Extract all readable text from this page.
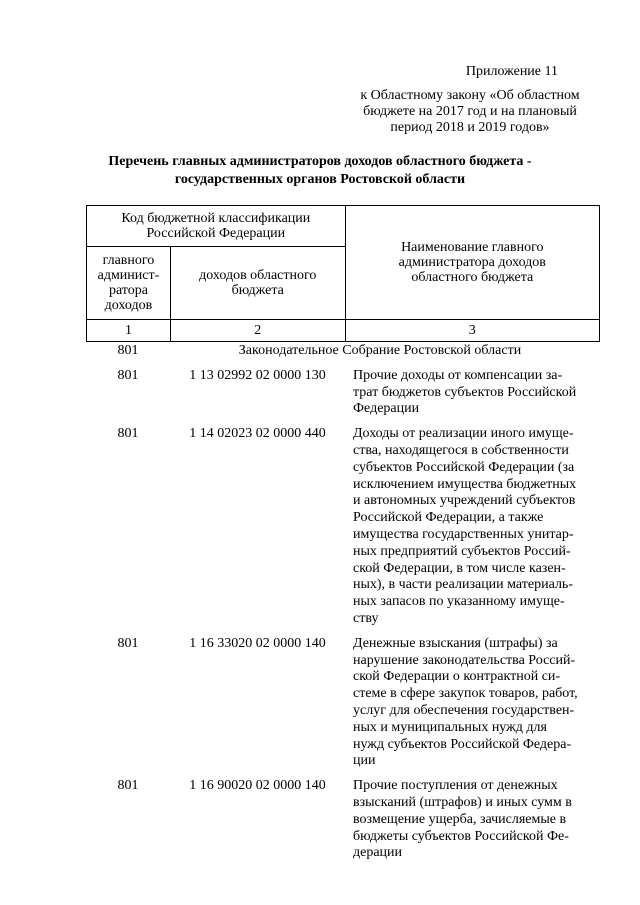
Приложение 11
к Областному закону «Об областном
бюджете на 2017 год и на плановый
период 2018 и 2019 годов»
Перечень главных администраторов доходов областного бюджета -
государственных органов Ростовской области
Код бюджетной классификации
Российской Федерации		Наименование главного
администратора доходов
областного бюджета

главного
админист-
ратора
доходов	доходов областного
бюджета	

1	2	3
801	Законодательное Собрание Ростовской области
801	1 13 02992 02 0000 130	Прочие доходы от компенсации за-
трат бюджетов субъектов Российской
Федерации
801	1 14 02023 02 0000 440	Доходы от реализации иного имуще-
ства, находящегося в собственности
субъектов Российской Федерации (за
исключением имущества бюджетных
и автономных учреждений субъектов
Российской Федерации, а также
имущества государственных унитар-
ных предприятий субъектов Россий-
ской Федерации, в том числе казен-
ных), в части реализации материаль-
ных запасов по указанному имуще-
ству
801	1 16 33020 02 0000 140	Денежные взыскания (штрафы) за
нарушение законодательства Россий-
ской Федерации о контрактной си-
стеме в сфере закупок товаров, работ,
услуг для обеспечения государствен-
ных и муниципальных нужд для
нужд субъектов Российской Федера-
ции
801	1 16 90020 02 0000 140	Прочие поступления от денежных
взысканий (штрафов) и иных сумм в
возмещение ущерба, зачисляемые в
бюджеты субъектов Российской Фе-
дерации
